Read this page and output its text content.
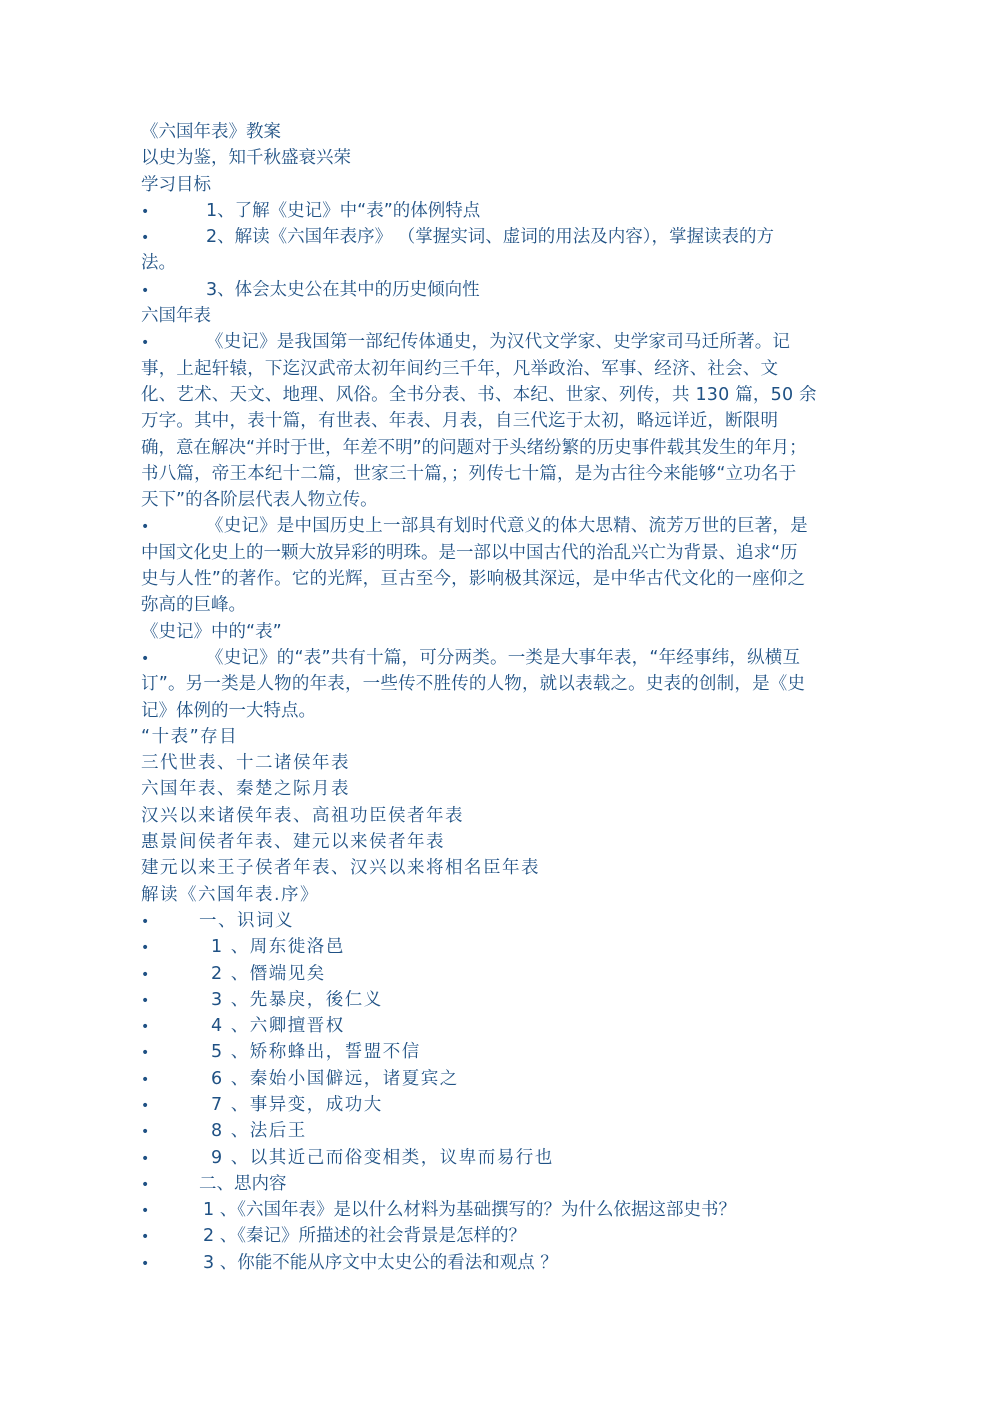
《六国年表》教案
以史为鉴，知千秋盛衰兴荣
学习目标
•	1、了解《史记》中“表”的体例特点
•	2、解读《六国年表序》 （掌握实词、虚词的用法及内容），掌握读表的方
法。
•	3、体会太史公在其中的历史倾向性
六国年表
•	《史记》是我国第一部纪传体通史，为汉代文学家、史学家司马迁所著。记
事，上起轩辕，下迄汉武帝太初年间约三千年，凡举政治、军事、经济、社会、文
化、艺术、天文、地理、风俗。全书分表、书、本纪、世家、列传，共 130 篇，50 余
万字。其中，表十篇，有世表、年表、月表，自三代迄于太初，略远详近，断限明
确，意在解决“并时于世，年差不明”的问题对于头绪纷繁的历史事件载其发生的年月；
书八篇，帝王本纪十二篇，世家三十篇，；列传七十篇，是为古往今来能够“立功名于
天下”的各阶层代表人物立传。
•	《史记》是中国历史上一部具有划时代意义的体大思精、流芳万世的巨著，是
中国文化史上的一颗大放异彩的明珠。是一部以中国古代的治乱兴亡为背景、追求“历
史与人性”的著作。它的光辉，亘古至今，影响极其深远，是中华古代文化的一座仰之
弥高的巨峰。
《史记》中的“表”
•	《史记》的“表”共有十篇，可分两类。一类是大事年表，“年经事纬，纵横互
订”。另一类是人物的年表，一些传不胜传的人物，就以表载之。史表的创制，是《史
记》体例的一大特点。
“十表”存目
三代世表、十二诸侯年表
六国年表、秦楚之际月表
汉兴以来诸侯年表、高祖功臣侯者年表
惠景间侯者年表、建元以来侯者年表
建元以来王子侯者年表、汉兴以来将相名臣年表
解读《六国年表.序》
•	一、识词义
•	1 、周东徙洛邑
•	2 、僭端见矣
•	3 、先暴戾，後仁义
•	4 、六卿擅晋权
•	5 、矫称蜂出，誓盟不信
•	6 、秦始小国僻远，诸夏宾之
•	7 、事异变，成功大
•	8 、法后王
•	9 、以其近己而俗变相类，议卑而易行也
•	二、思内容
•	1 、《六国年表》是以什么材料为基础撰写的？为什么依据这部史书？
•	2 、《秦记》所描述的社会背景是怎样的？
•	3 、你能不能从序文中太史公的看法和观点 ？
